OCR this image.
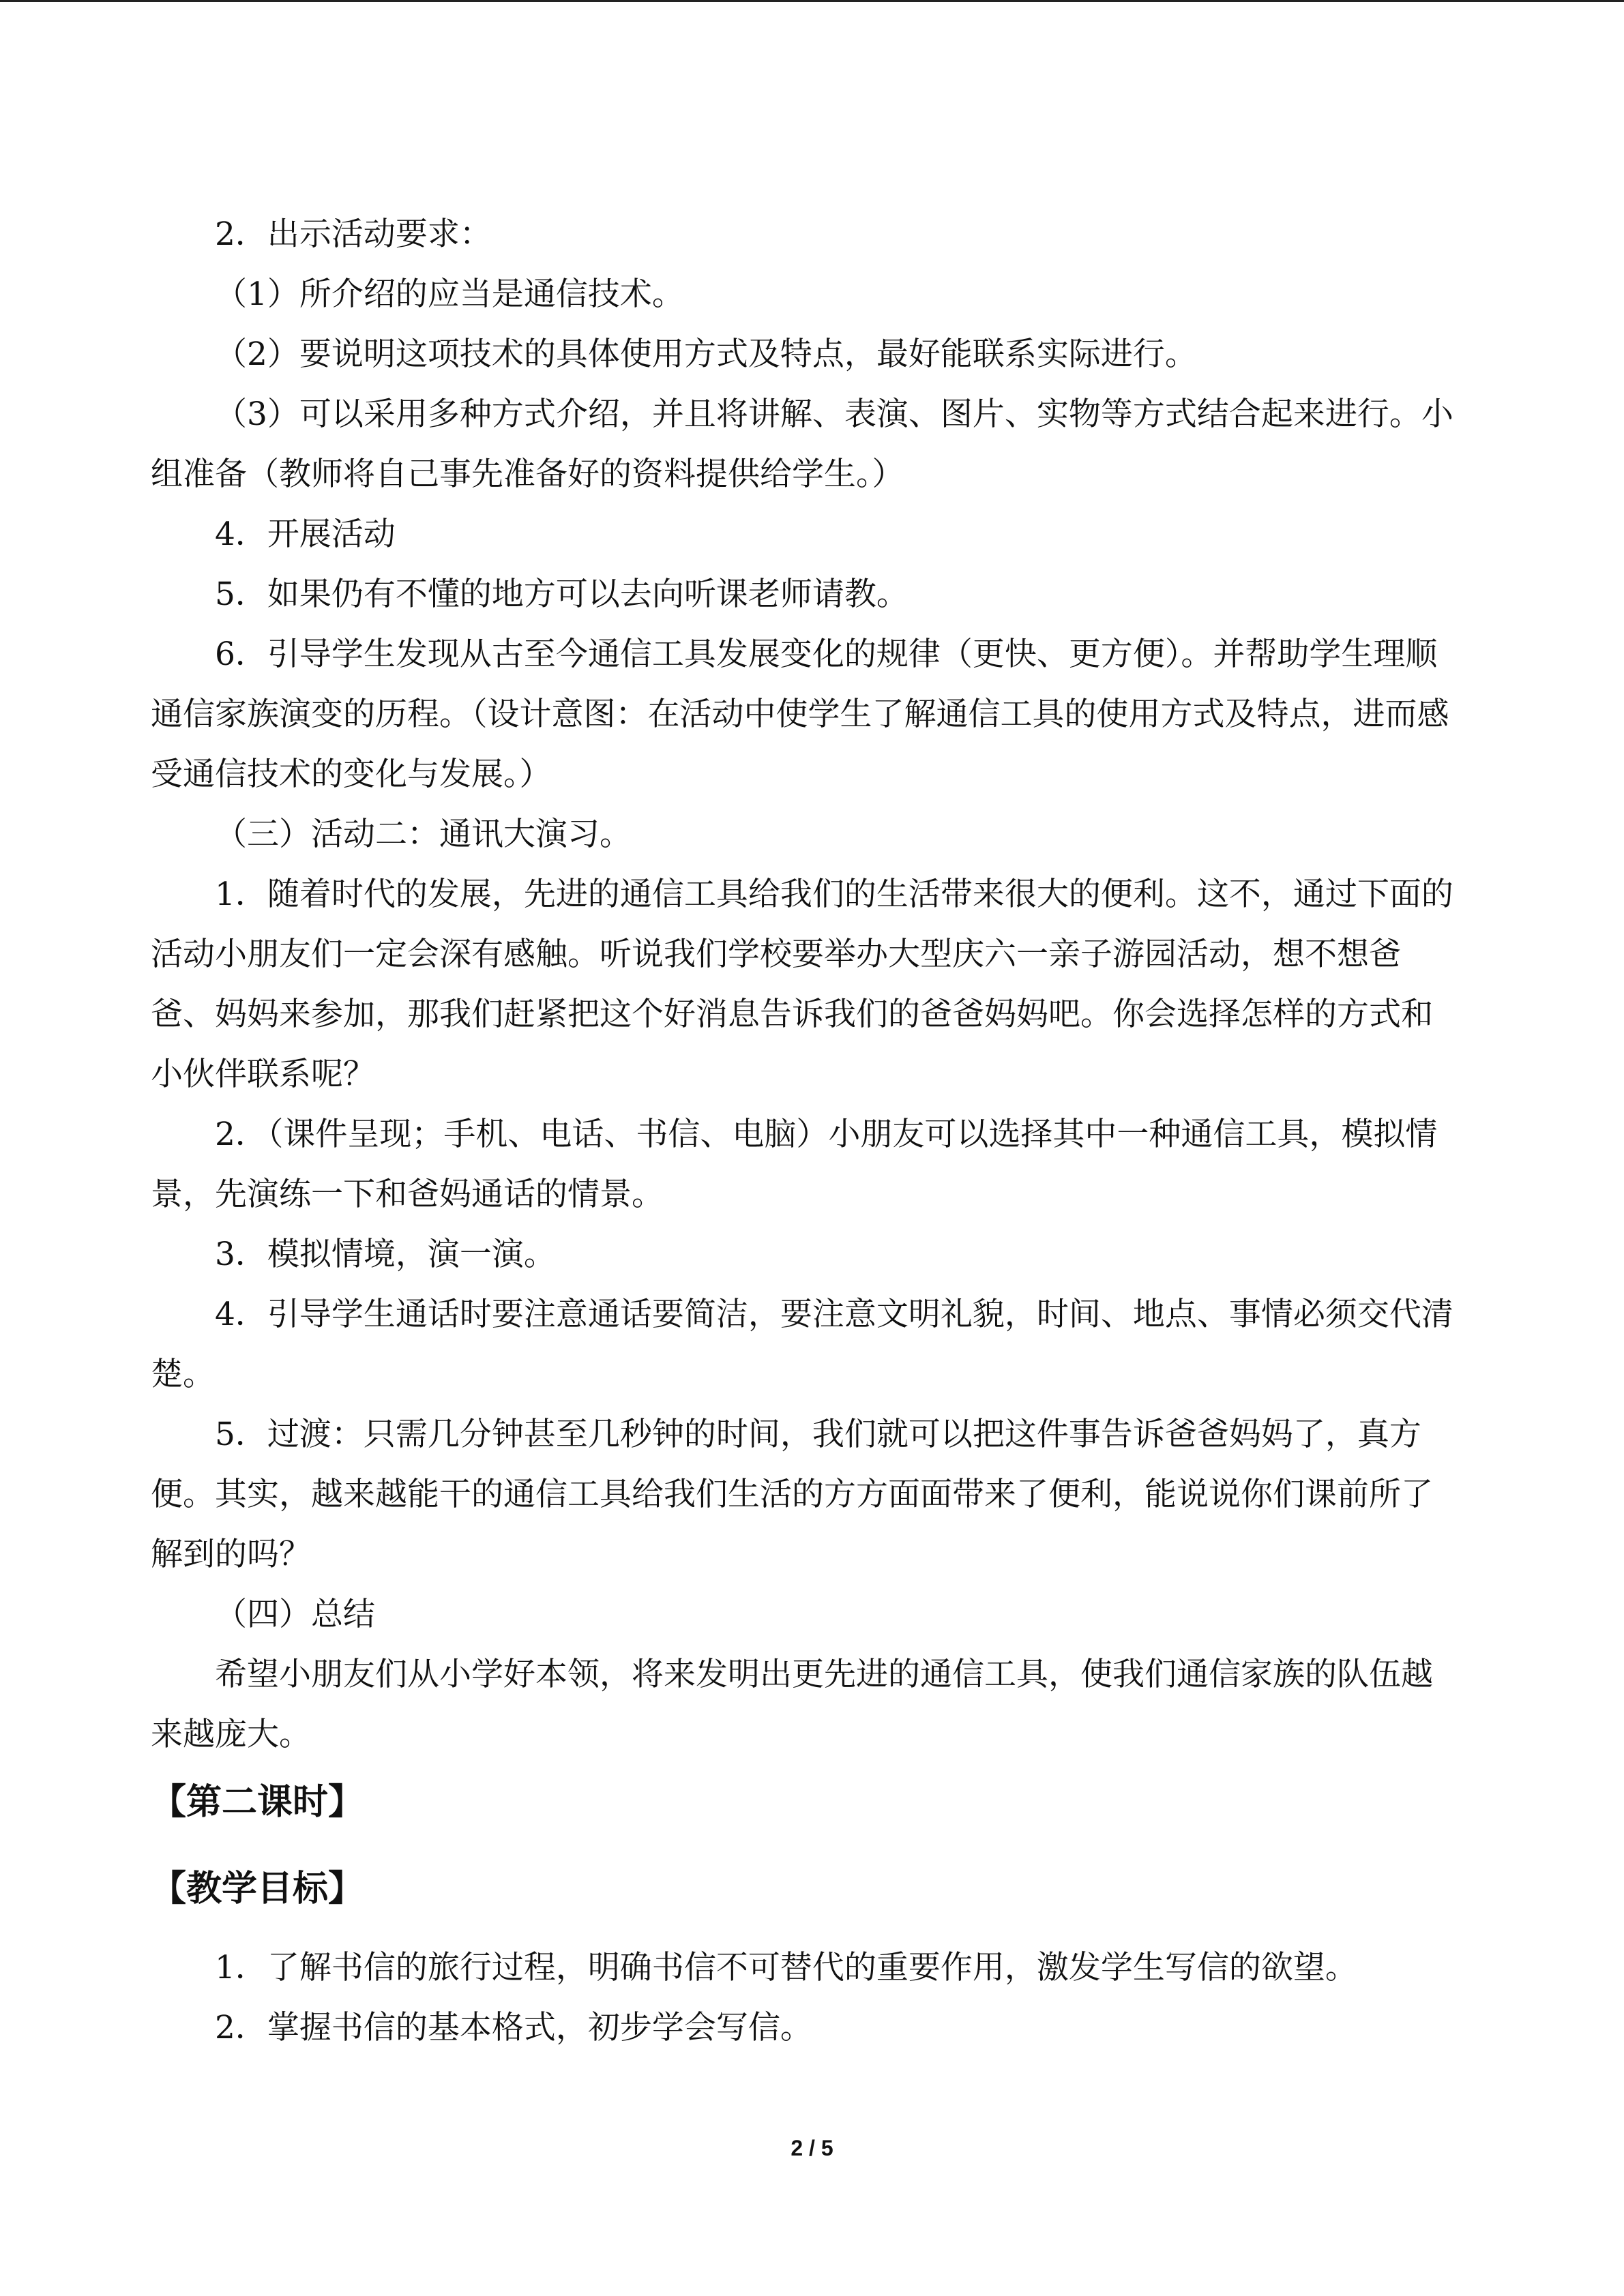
2．出示活动要求：
（1）所介绍的应当是通信技术。
（2）要说明这项技术的具体使用方式及特点，最好能联系实际进行。
（3）可以采用多种方式介绍，并且将讲解、表演、图片、实物等方式结合起来进行。小
组准备（教师将自己事先准备好的资料提供给学生。）
4．开展活动
5．如果仍有不懂的地方可以去向听课老师请教。
6．引导学生发现从古至今通信工具发展变化的规律（更快、更方便）。并帮助学生理顺
通信家族演变的历程。（设计意图：在活动中使学生了解通信工具的使用方式及特点，进而感
受通信技术的变化与发展。）
（三）活动二：通讯大演习。
1．随着时代的发展，先进的通信工具给我们的生活带来很大的便利。这不，通过下面的
活动小朋友们一定会深有感触。听说我们学校要举办大型庆六一亲子游园活动，想不想爸
爸、妈妈来参加，那我们赶紧把这个好消息告诉我们的爸爸妈妈吧。你会选择怎样的方式和
小伙伴联系呢？
2．（课件呈现；手机、电话、书信、电脑）小朋友可以选择其中一种通信工具，模拟情
景，先演练一下和爸妈通话的情景。
3．模拟情境，演一演。
4．引导学生通话时要注意通话要简洁，要注意文明礼貌，时间、地点、事情必须交代清
楚。
5．过渡：只需几分钟甚至几秒钟的时间，我们就可以把这件事告诉爸爸妈妈了，真方
便。其实，越来越能干的通信工具给我们生活的方方面面带来了便利，能说说你们课前所了
解到的吗？
（四）总结
希望小朋友们从小学好本领，将来发明出更先进的通信工具，使我们通信家族的队伍越
来越庞大。
【第二课时】
【教学目标】
1．了解书信的旅行过程，明确书信不可替代的重要作用，激发学生写信的欲望。
2．掌握书信的基本格式，初步学会写信。
2 / 5
